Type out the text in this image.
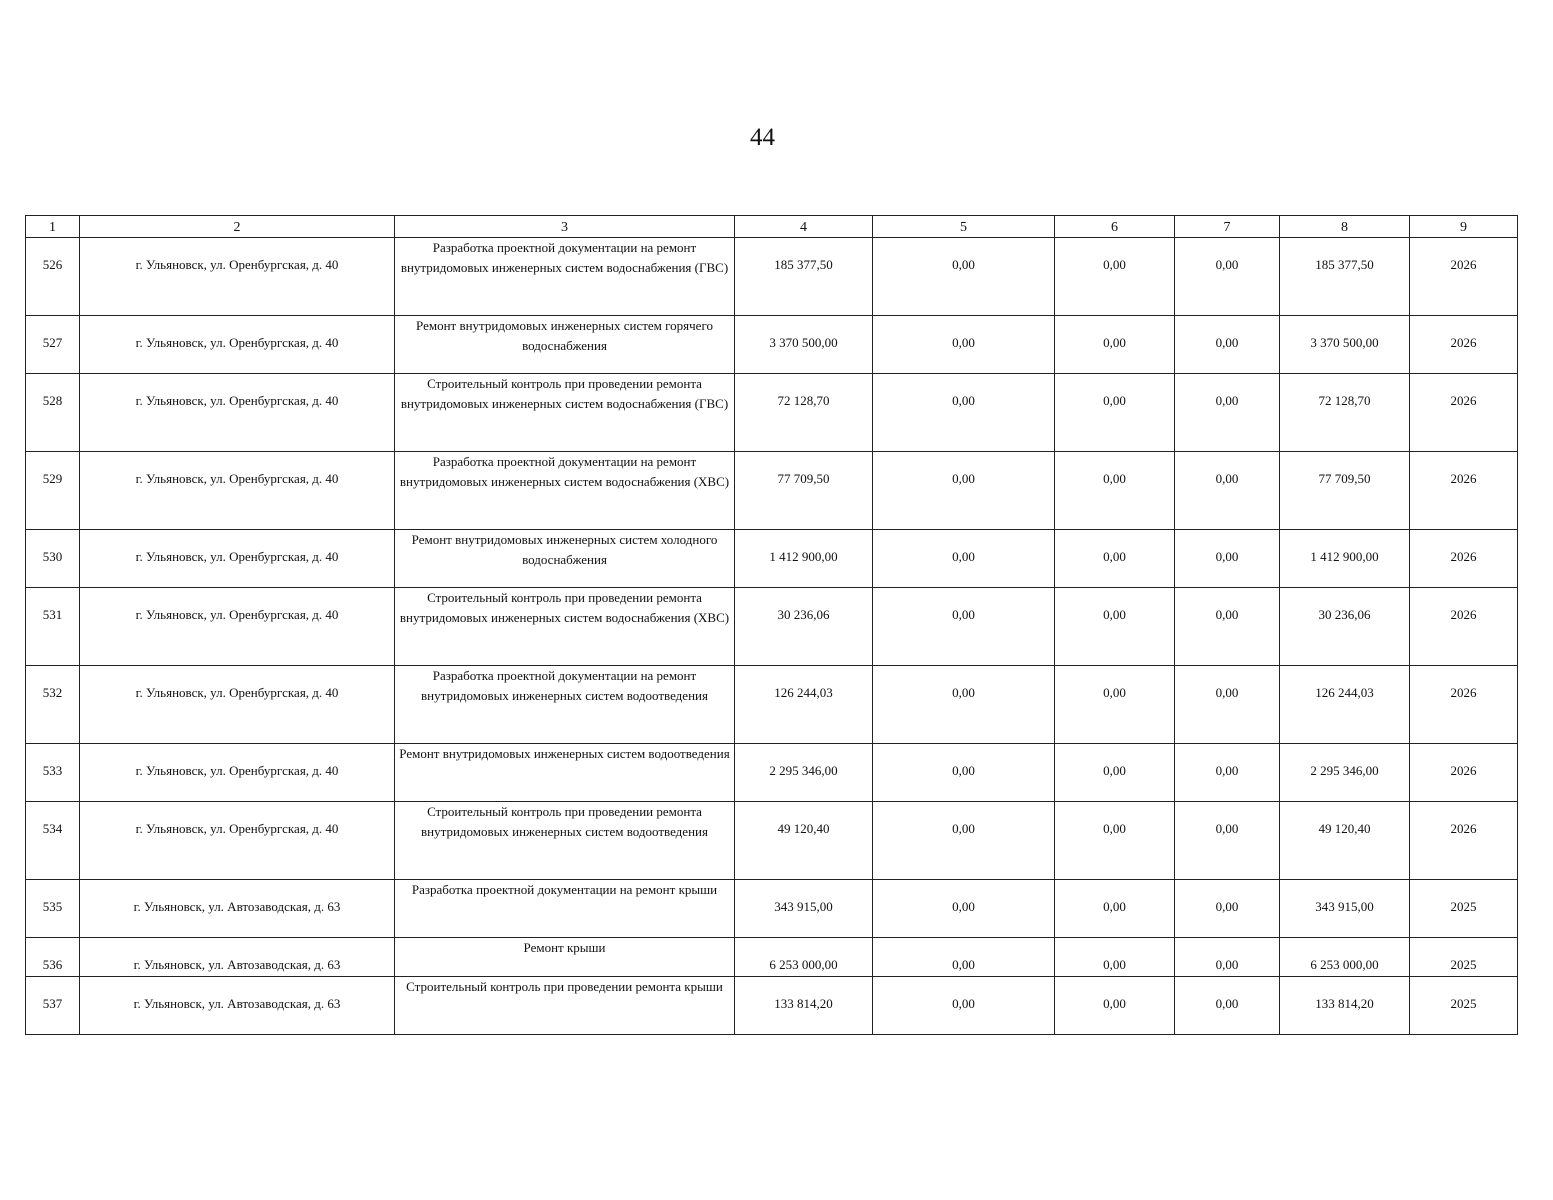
44
1	2	3	4	5	6	7	8	9

526	г. Ульяновск, ул. Оренбургская, д. 40	Разработка проектной документации на ремонт внутридомовых инженерных систем водоснабжения (ГВС)	185 377,50	0,00	0,00	0,00	185 377,50	2026

527	г. Ульяновск, ул. Оренбургская, д. 40	Ремонт внутридомовых инженерных систем горячего водоснабжения	3 370 500,00	0,00	0,00	0,00	3 370 500,00	2026

528	г. Ульяновск, ул. Оренбургская, д. 40	Строительный контроль при проведении ремонта внутридомовых инженерных систем водоснабжения (ГВС)	72 128,70	0,00	0,00	0,00	72 128,70	2026

529	г. Ульяновск, ул. Оренбургская, д. 40	Разработка проектной документации на ремонт внутридомовых инженерных систем водоснабжения (ХВС)	77 709,50	0,00	0,00	0,00	77 709,50	2026

530	г. Ульяновск, ул. Оренбургская, д. 40	Ремонт внутридомовых инженерных систем холодного водоснабжения	1 412 900,00	0,00	0,00	0,00	1 412 900,00	2026

531	г. Ульяновск, ул. Оренбургская, д. 40	Строительный контроль при проведении ремонта внутридомовых инженерных систем водоснабжения (ХВС)	30 236,06	0,00	0,00	0,00	30 236,06	2026

532	г. Ульяновск, ул. Оренбургская, д. 40	Разработка проектной документации на ремонт внутридомовых инженерных систем водоотведения	126 244,03	0,00	0,00	0,00	126 244,03	2026

533	г. Ульяновск, ул. Оренбургская, д. 40	Ремонт внутридомовых инженерных систем водоотведения	2 295 346,00	0,00	0,00	0,00	2 295 346,00	2026

534	г. Ульяновск, ул. Оренбургская, д. 40	Строительный контроль при проведении ремонта внутридомовых инженерных систем водоотведения	49 120,40	0,00	0,00	0,00	49 120,40	2026

535	г. Ульяновск, ул. Автозаводская, д. 63	Разработка проектной документации на ремонт крыши	343 915,00	0,00	0,00	0,00	343 915,00	2025

536	г. Ульяновск, ул. Автозаводская, д. 63	Ремонт крыши	6 253 000,00	0,00	0,00	0,00	6 253 000,00	2025

537	г. Ульяновск, ул. Автозаводская, д. 63	Строительный контроль при проведении ремонта крыши	133 814,20	0,00	0,00	0,00	133 814,20	2025
